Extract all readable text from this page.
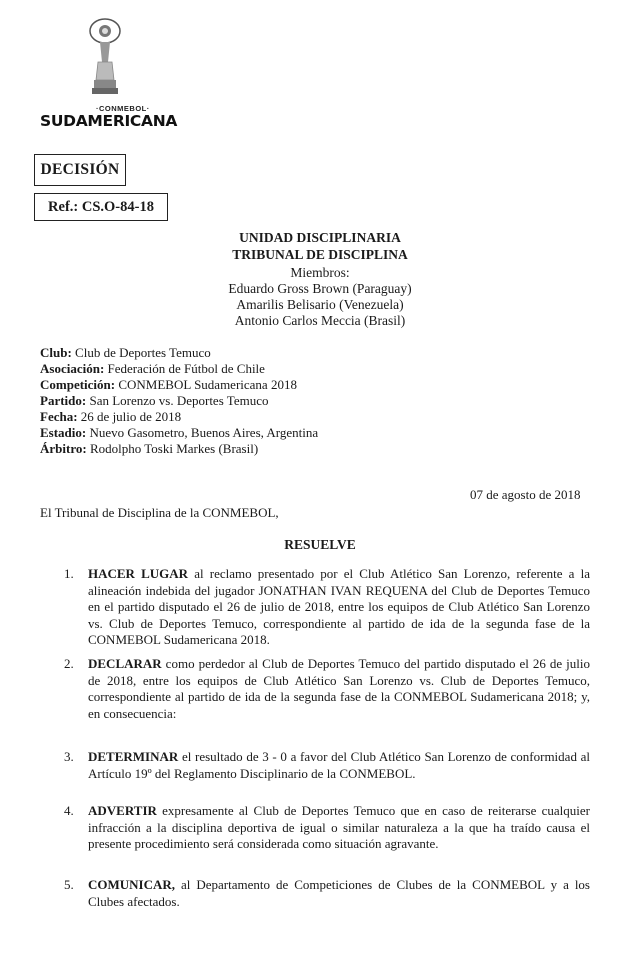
·CONMEBOL·
SUDAMERICANA
DECISIÓN
Ref.: CS.O-84-18
UNIDAD DISCIPLINARIA
TRIBUNAL DE DISCIPLINA
Miembros:
Eduardo Gross Brown (Paraguay)
Amarilis Belisario (Venezuela)
Antonio Carlos Meccia (Brasil)
Club: Club de Deportes Temuco
Asociación: Federación de Fútbol de Chile
Competición: CONMEBOL Sudamericana 2018
Partido: San Lorenzo vs. Deportes Temuco
Fecha: 26 de julio de 2018
Estadio: Nuevo Gasometro, Buenos Aires, Argentina
Árbitro: Rodolpho Toski Markes (Brasil)
07 de agosto de 2018
El Tribunal de Disciplina de la CONMEBOL,
RESUELVE
1. HACER LUGAR al reclamo presentado por el Club Atlético San Lorenzo, referente a la alineación indebida del jugador JONATHAN IVAN REQUENA del Club de Deportes Temuco en el partido disputado el 26 de julio de 2018, entre los equipos de Club Atlético San Lorenzo vs. Club de Deportes Temuco, correspondiente al partido de ida de la segunda fase de la CONMEBOL Sudamericana 2018.
2. DECLARAR como perdedor al Club de Deportes Temuco del partido disputado el 26 de julio de 2018, entre los equipos de Club Atlético San Lorenzo vs. Club de Deportes Temuco, correspondiente al partido de ida de la segunda fase de la CONMEBOL Sudamericana 2018; y, en consecuencia:
3. DETERMINAR el resultado de 3 - 0 a favor del Club Atlético San Lorenzo de conformidad al Artículo 19º del Reglamento Disciplinario de la CONMEBOL.
4. ADVERTIR expresamente al Club de Deportes Temuco que en caso de reiterarse cualquier infracción a la disciplina deportiva de igual o similar naturaleza a la que ha traído causa el presente procedimiento será considerada como situación agravante.
5. COMUNICAR, al Departamento de Competiciones de Clubes de la CONMEBOL y a los Clubes afectados.
